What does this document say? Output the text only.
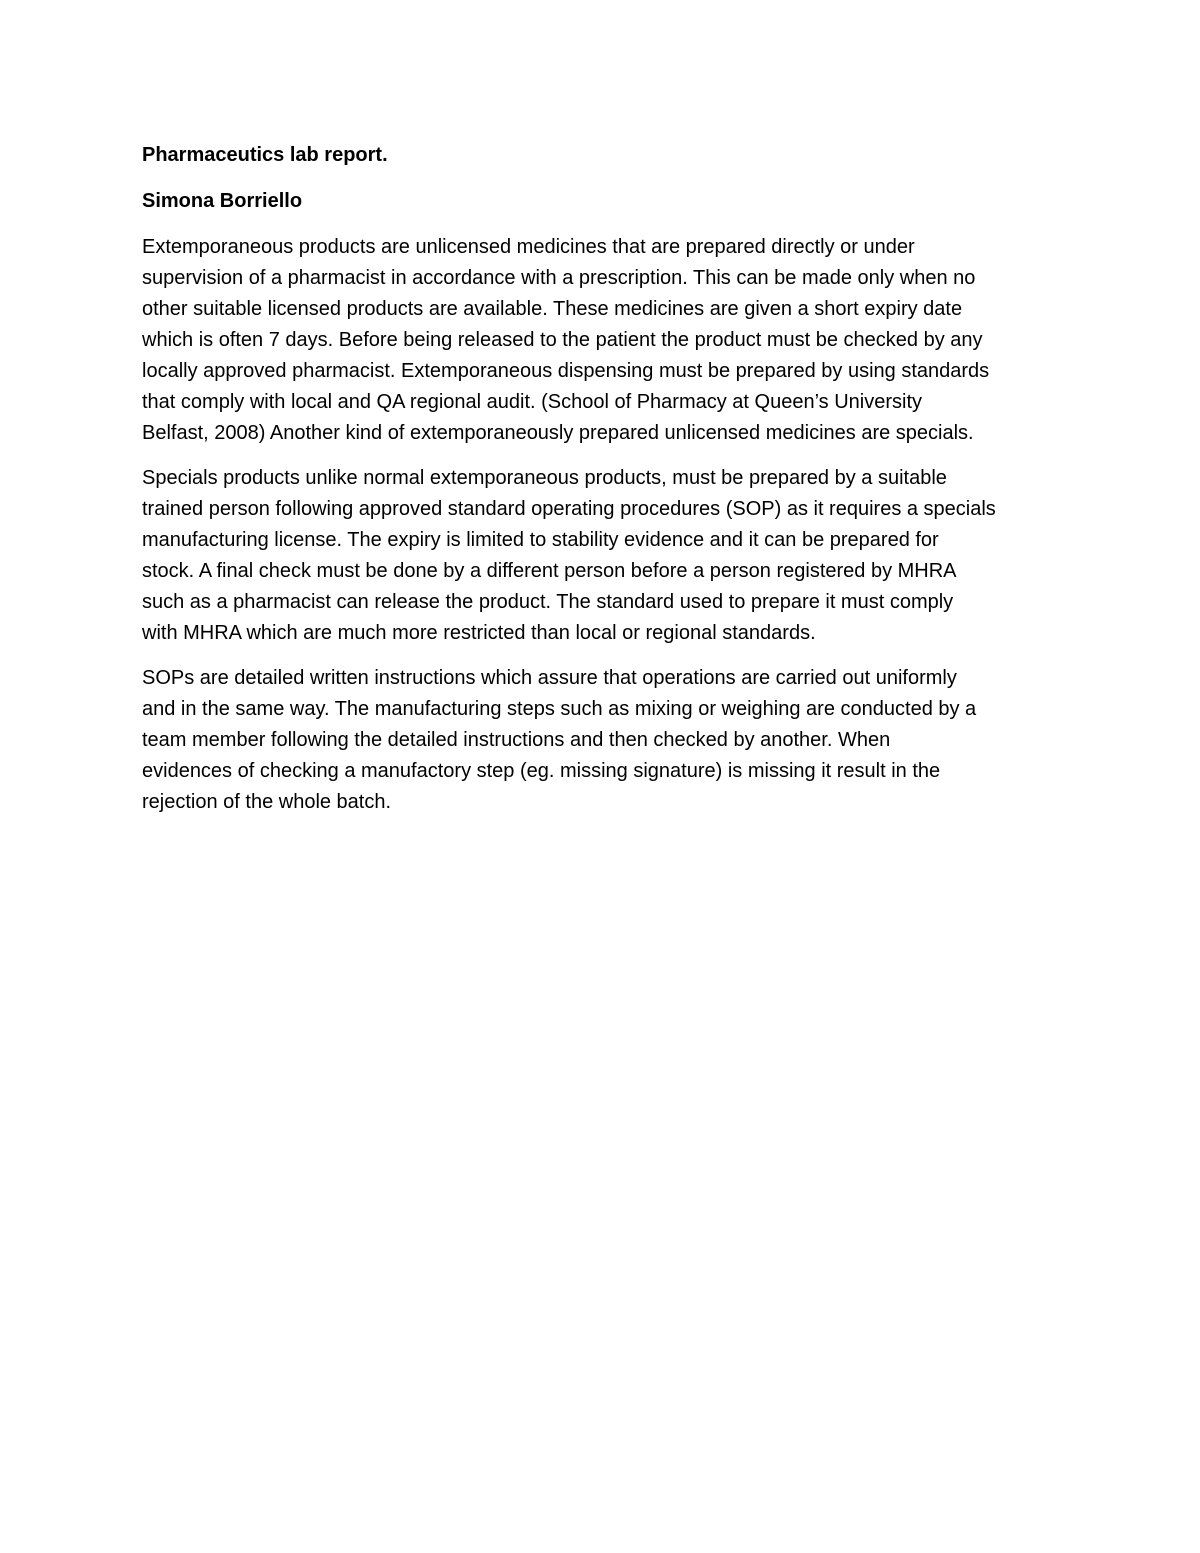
Pharmaceutics lab report.
Simona Borriello
Extemporaneous products are unlicensed medicines that are prepared directly or under
supervision of a pharmacist in accordance with a prescription. This can be made only when no
other suitable licensed products are available. These medicines are given a short expiry date
which is often 7 days. Before being released to the patient the product must be checked by any
locally approved pharmacist. Extemporaneous dispensing must be prepared by using standards
that comply with local and QA regional audit. (School of Pharmacy at Queen’s University
Belfast, 2008) Another kind of extemporaneously prepared unlicensed medicines are specials.
Specials products unlike normal extemporaneous products, must be prepared by a suitable
trained person following approved standard operating procedures (SOP) as it requires a specials
manufacturing license. The expiry is limited to stability evidence and it can be prepared for
stock. A final check must be done by a different person before a person registered by MHRA
such as a pharmacist can release the product. The standard used to prepare it must comply
with MHRA which are much more restricted than local or regional standards.
SOPs are detailed written instructions which assure that operations are carried out uniformly
and in the same way. The manufacturing steps such as mixing or weighing are conducted by a
team member following the detailed instructions and then checked by another. When
evidences of checking a manufactory step (eg. missing signature) is missing it result in the
rejection of the whole batch.
